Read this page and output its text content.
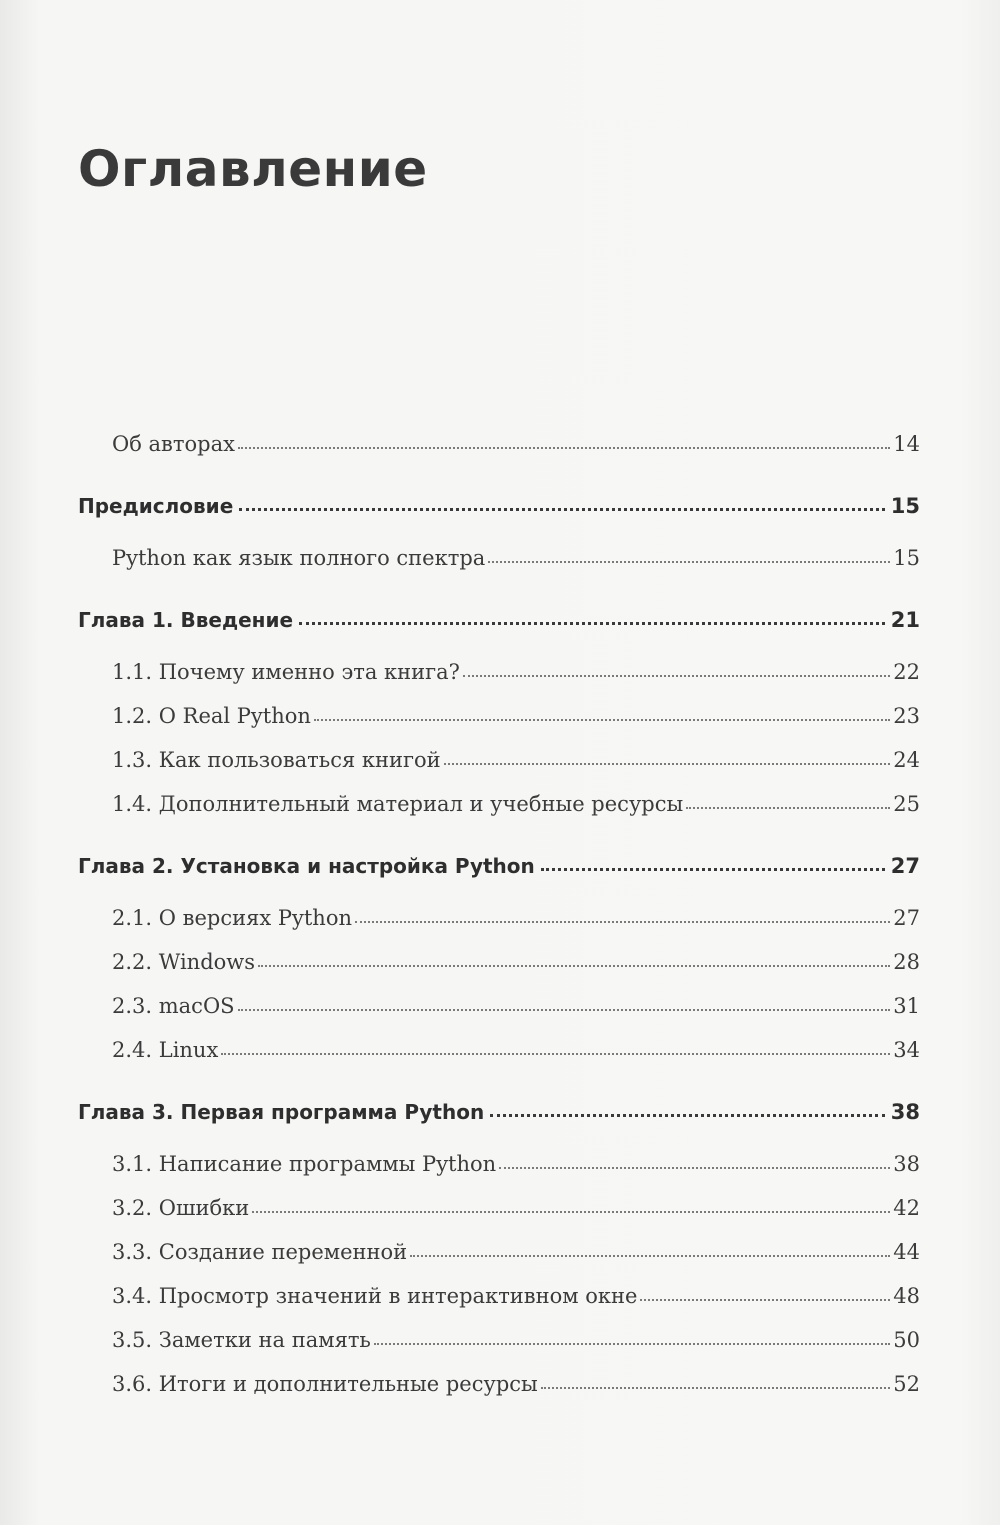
Оглавление
Об авторах	14
Предисловие	15
Python как язык полного спектра	15
Глава 1. Введение	21
1.1. Почему именно эта книга?	22
1.2. О Real Python	23
1.3. Как пользоваться книгой	24
1.4. Дополнительный материал и учебные ресурсы	25
Глава 2. Установка и настройка Python	27
2.1. О версиях Python	27
2.2. Windows	28
2.3. macOS	31
2.4. Linux	34
Глава 3. Первая программа Python	38
3.1. Написание программы Python	38
3.2. Ошибки	42
3.3. Создание переменной	44
3.4. Просмотр значений в интерактивном окне	48
3.5. Заметки на память	50
3.6. Итоги и дополнительные ресурсы	52
